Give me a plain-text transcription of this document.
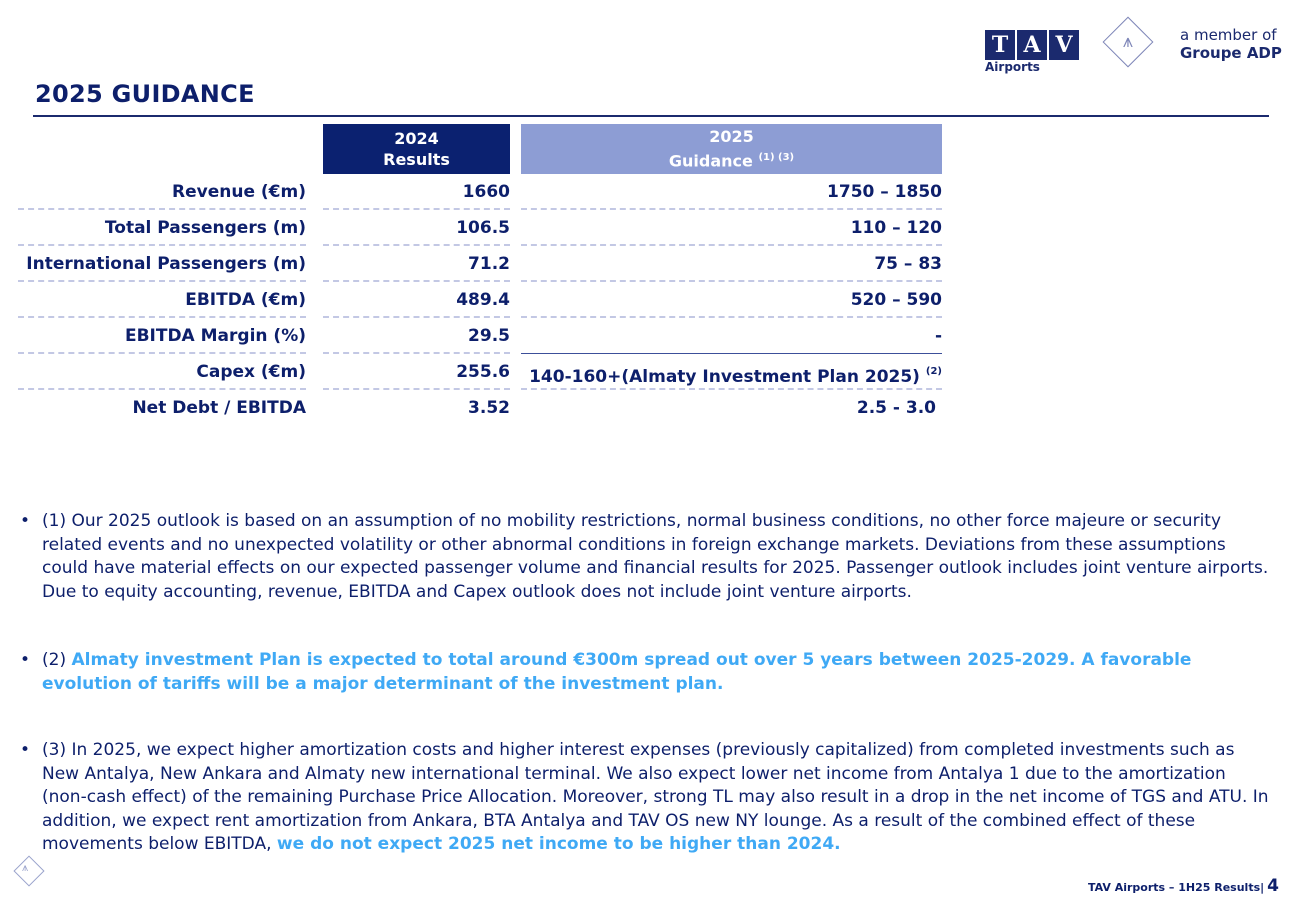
T A V
Airports
⩚	a member of
Groupe ADP
2025 GUIDANCE
2024
Results
2025
Guidance $^{(1) (3)}$
Revenue (€m)	1660	1750 – 1850
Total Passengers (m)	106.5	110 – 120
International Passengers (m)	71.2	75 – 83
EBITDA (€m)	489.4	520 – 590
EBITDA Margin (%)	29.5	-
Capex (€m)	255.6	140-160+(Almaty Investment Plan 2025) $^{(2)}$
Net Debt / EBITDA	3.52	2.5 - 3.0
• (1) Our 2025 outlook is based on an assumption of no mobility restrictions, normal business conditions, no other force majeure or security related events and no unexpected volatility or other abnormal conditions in foreign exchange markets. Deviations from these assumptions could have material effects on our expected passenger volume and financial results for 2025. Passenger outlook includes joint venture airports. Due to equity accounting, revenue, EBITDA and Capex outlook does not include joint venture airports.
• (2) Almaty investment Plan is expected to total around €300m spread out over 5 years between 2025-2029. A favorable evolution of tariffs will be a major determinant of the investment plan.
• (3) In 2025, we expect higher amortization costs and higher interest expenses (previously capitalized) from completed investments such as New Antalya, New Ankara and Almaty new international terminal. We also expect lower net income from Antalya 1 due to the amortization (non-cash effect) of the remaining Purchase Price Allocation. Moreover, strong TL may also result in a drop in the net income of TGS and ATU. In addition, we expect rent amortization from Ankara, BTA Antalya and TAV OS new NY lounge. As a result of the combined effect of these movements below EBITDA, we do not expect 2025 net income to be higher than 2024.
⩚
TAV Airports – 1H25 Results| 4
